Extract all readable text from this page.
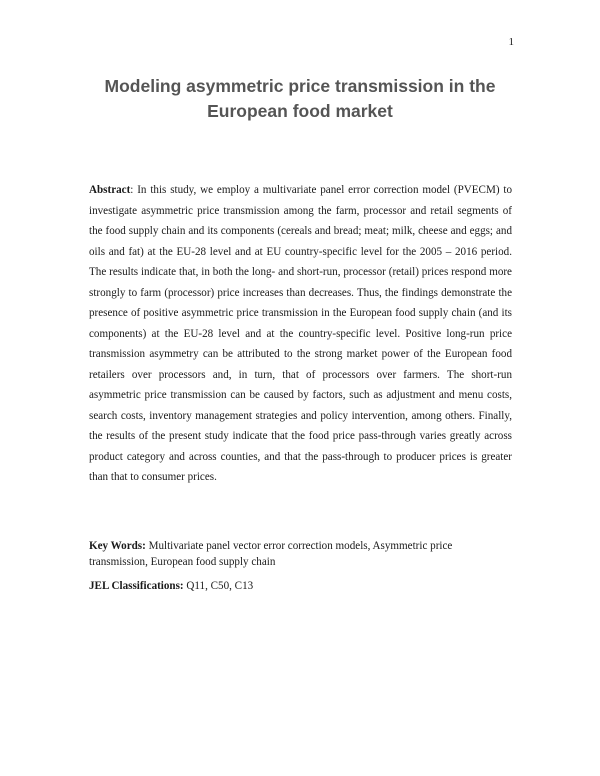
1
Modeling asymmetric price transmission in the
European food market

Abstract: In this study, we employ a multivariate panel error correction model (PVECM) to investigate asymmetric price transmission among the farm, processor and retail segments of the food supply chain and its components (cereals and bread; meat; milk, cheese and eggs; and oils and fat) at the EU-28 level and at EU country-specific level for the 2005 – 2016 period. The results indicate that, in both the long- and short-run, processor (retail) prices respond more strongly to farm (processor) price increases than decreases. Thus, the findings demonstrate the presence of positive asymmetric price transmission in the European food supply chain (and its components) at the EU-28 level and at the country-specific level. Positive long-run price transmission asymmetry can be attributed to the strong market power of the European food retailers over processors and, in turn, that of processors over farmers. The short-run asymmetric price transmission can be caused by factors, such as adjustment and menu costs, search costs, inventory management strategies and policy intervention, among others. Finally, the results of the present study indicate that the food price pass-through varies greatly across product category and across counties, and that the pass-through to producer prices is greater than that to consumer prices.

Key Words: Multivariate panel vector error correction models, Asymmetric price transmission, European food supply chain

JEL Classifications: Q11, C50, C13
